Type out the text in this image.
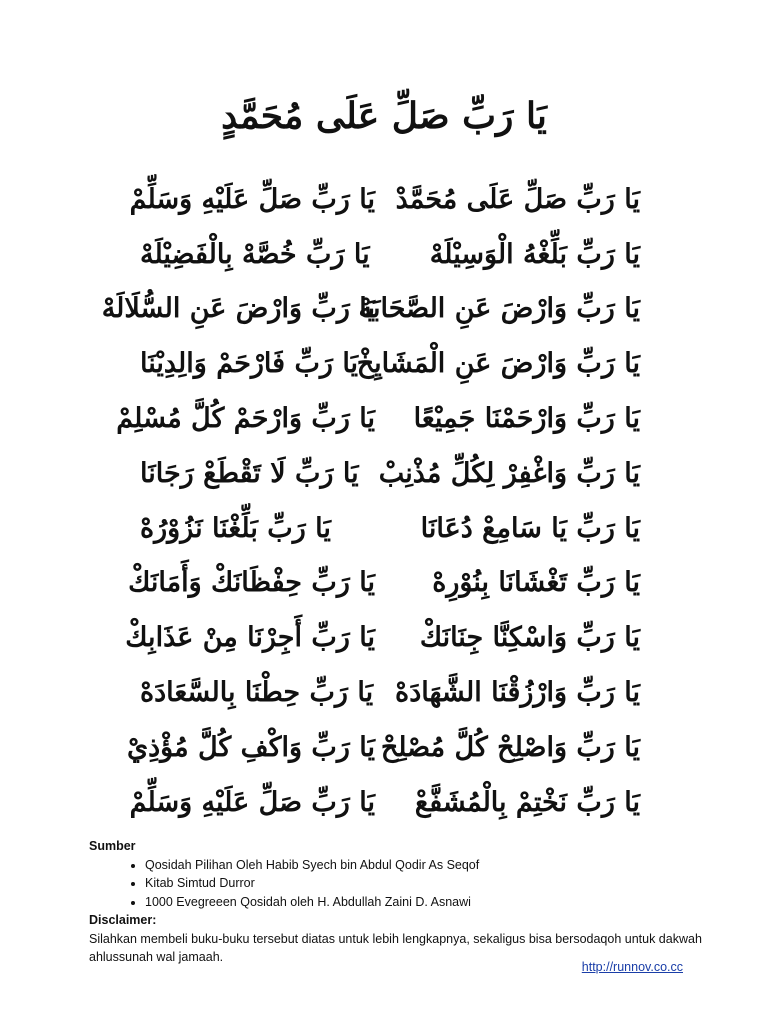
يَا رَبِّ صَلِّ عَلَى مُحَمَّدٍ
يَا رَبِّ صَلِّ عَلَى مُحَمَّدْ
يَا رَبِّ صَلِّ عَلَيْهِ وَسَلِّمْ
يَا رَبِّ بَلِّغْهُ الْوَسِيْلَهْ
يَا رَبِّ خُصَّهْ بِالْفَضِيْلَهْ
يَا رَبِّ وَارْضَ عَنِ الصَّحَابَهْ
يَا رَبِّ وَارْضَ عَنِ السُّلَالَهْ
يَا رَبِّ وَارْضَ عَنِ الْمَشَايِخْ
يَا رَبِّ فَارْحَمْ وَالِدِيْنَا
يَا رَبِّ وَارْحَمْنَا جَمِيْعًا
يَا رَبِّ وَارْحَمْ كُلَّ مُسْلِمْ
يَا رَبِّ وَاغْفِرْ لِكُلِّ مُذْنِبْ
يَا رَبِّ لَا تَقْطَعْ رَجَانَا
يَا رَبِّ يَا سَامِعْ دُعَانَا
يَا رَبِّ بَلِّغْنَا نَزُوْرُهْ
يَا رَبِّ تَغْشَانَا بِنُوْرِهْ
يَا رَبِّ حِفْظَانَكْ وَأَمَانَكْ
يَا رَبِّ وَاسْكِنَّا جِنَانَكْ
يَا رَبِّ أَجِرْنَا مِنْ عَذَابِكْ
يَا رَبِّ وَارْزُقْنَا الشَّهَادَهْ
يَا رَبِّ حِطْنَا بِالسَّعَادَهْ
يَا رَبِّ وَاصْلِحْ كُلَّ مُصْلِحْ
يَا رَبِّ وَاكْفِ كُلَّ مُؤْذِيْ
يَا رَبِّ نَخْتِمْ بِالْمُشَفَّعْ
يَا رَبِّ صَلِّ عَلَيْهِ وَسَلِّمْ
Sumber
• Qosidah Pilihan Oleh Habib Syech bin Abdul Qodir As Seqof
• Kitab Simtud Durror
• 1000 Evegreeen Qosidah oleh H. Abdullah Zaini D. Asnawi
Disclaimer:
Silahkan membeli buku-buku tersebut diatas untuk lebih lengkapnya, sekaligus bisa bersodaqoh untuk dakwah ahlussunah wal jamaah.
http://runnov.co.cc
